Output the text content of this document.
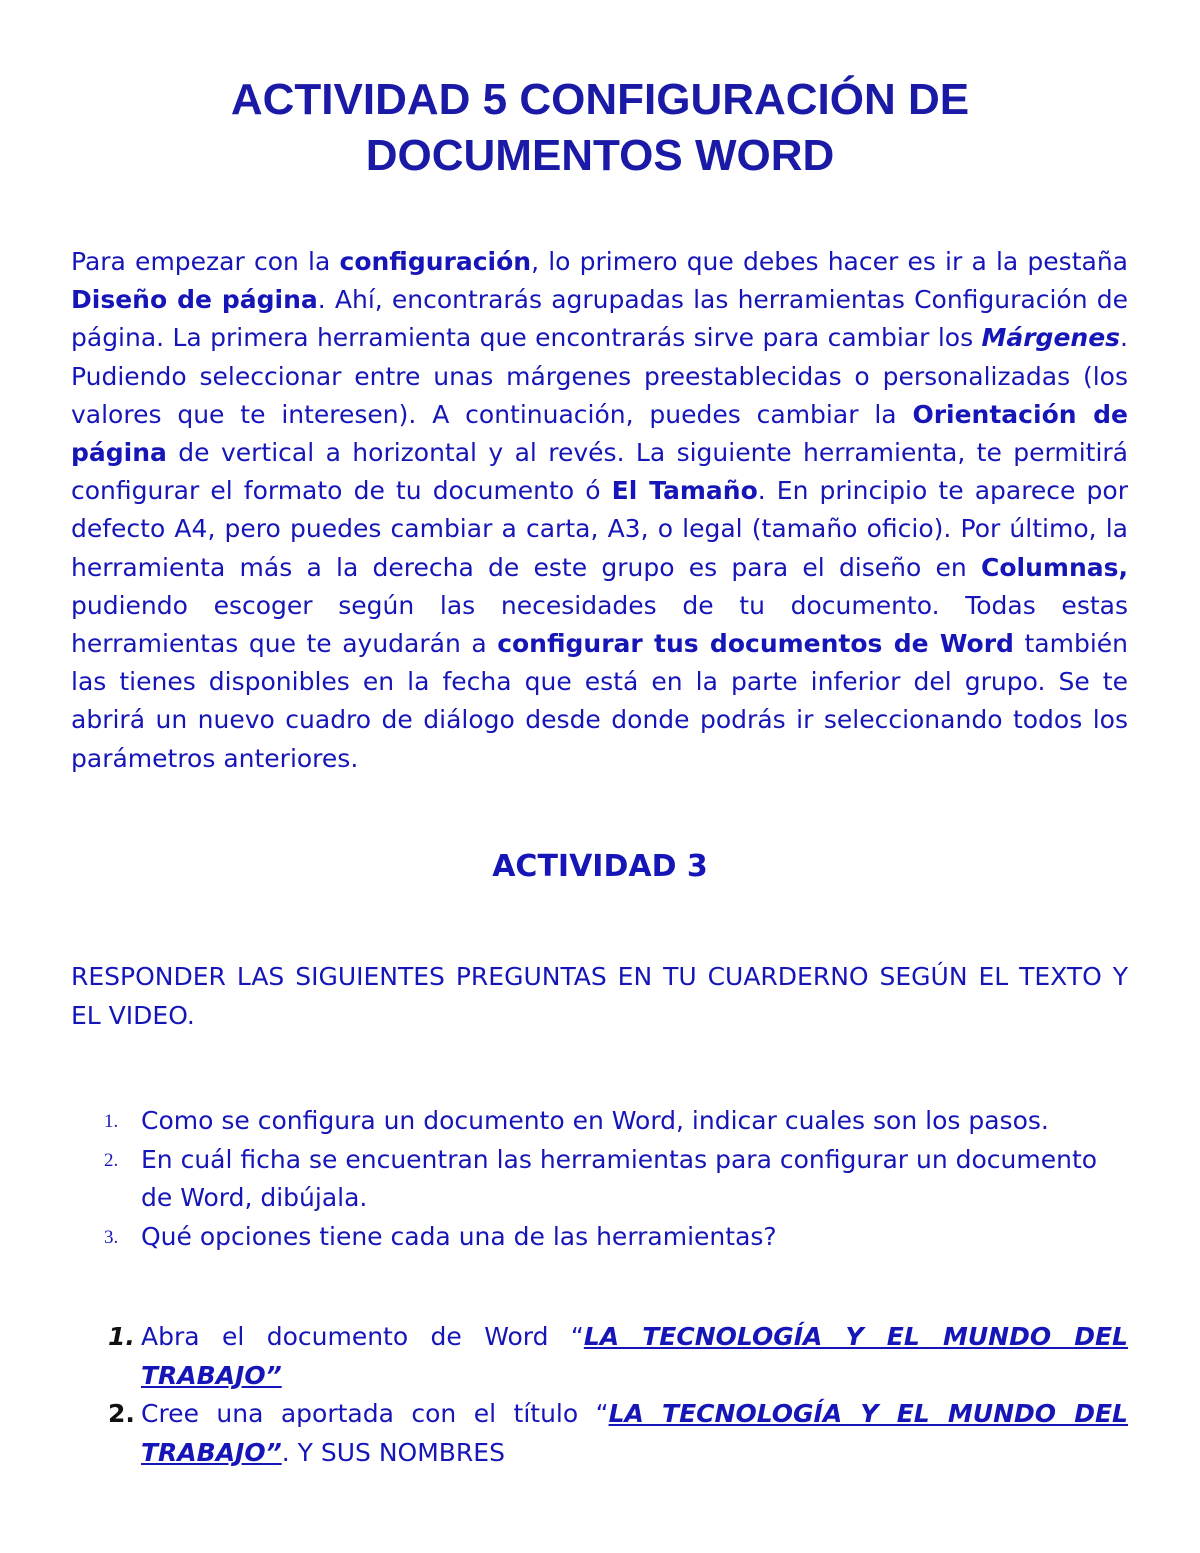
ACTIVIDAD 5 CONFIGURACIÓN DE
DOCUMENTOS WORD

Para empezar con la configuración, lo primero que debes hacer es ir a la pestaña Diseño de página. Ahí, encontrarás agrupadas las herramientas Configuración de página. La primera herramienta que encontrarás sirve para cambiar los Márgenes. Pudiendo seleccionar entre unas márgenes preestablecidas o personalizadas (los valores que te interesen). A continuación, puedes cambiar la Orientación de página de vertical a horizontal y al revés. La siguiente herramienta, te permitirá configurar el formato de tu documento ó El Tamaño. En principio te aparece por defecto A4, pero puedes cambiar a carta, A3, o legal (tamaño oficio). Por último, la herramienta más a la derecha de este grupo es para el diseño en Columnas, pudiendo escoger según las necesidades de tu documento. Todas estas herramientas que te ayudarán a configurar tus documentos de Word también las tienes disponibles en la fecha que está en la parte inferior del grupo. Se te abrirá un nuevo cuadro de diálogo desde donde podrás ir seleccionando todos los parámetros anteriores.

ACTIVIDAD 3

RESPONDER LAS SIGUIENTES PREGUNTAS EN TU CUARDERNO SEGÚN EL TEXTO Y EL VIDEO.

1. Como se configura un documento en Word, indicar cuales son los pasos.
2. En cuál ficha se encuentran las herramientas para configurar un documento de Word, dibújala.
3. Qué opciones tiene cada una de las herramientas?
1. Abra el documento de Word “LA TECNOLOGÍA Y EL MUNDO DEL TRABAJO”
2. Cree una aportada con el título “LA TECNOLOGÍA Y EL MUNDO DEL TRABAJO”. Y SUS NOMBRES
